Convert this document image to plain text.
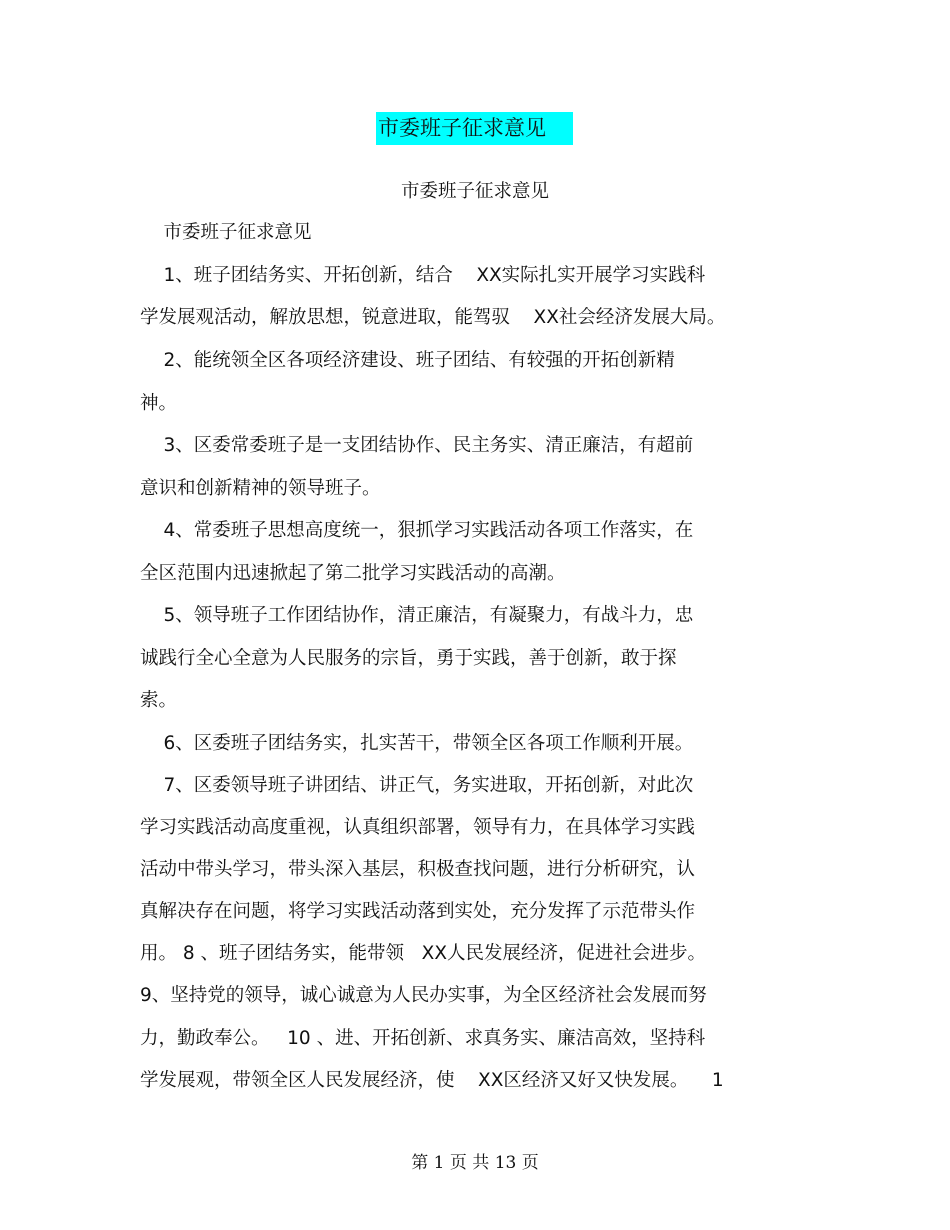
市委班子征求意见
市委班子征求意见
市委班子征求意见
1、班子团结务实、开拓创新，结合    XX实际扎实开展学习实践科
学发展观活动，解放思想，锐意进取，能驾驭    XX社会经济发展大局。
2、能统领全区各项经济建设、班子团结、有较强的开拓创新精
神。
3、区委常委班子是一支团结协作、民主务实、清正廉洁，有超前
意识和创新精神的领导班子。
4、常委班子思想高度统一，狠抓学习实践活动各项工作落实，在
全区范围内迅速掀起了第二批学习实践活动的高潮。
5、领导班子工作团结协作，清正廉洁，有凝聚力，有战斗力，忠
诚践行全心全意为人民服务的宗旨，勇于实践，善于创新，敢于探
索。
6、区委班子团结务实，扎实苦干，带领全区各项工作顺利开展。
7、区委领导班子讲团结、讲正气，务实进取，开拓创新，对此次
学习实践活动高度重视，认真组织部署，领导有力，在具体学习实践
活动中带头学习，带头深入基层，积极查找问题，进行分析研究，认
真解决存在问题，将学习实践活动落到实处，充分发挥了示范带头作
用。 8 、班子团结务实，能带领   XX人民发展经济，促进社会进步。
9、坚持党的领导，诚心诚意为人民办实事，为全区经济社会发展而努
力，勤政奉公。   10 、进、开拓创新、求真务实、廉洁高效，坚持科
学发展观，带领全区人民发展经济，使    XX区经济又好又快发展。    1
第 1 页 共 13 页
